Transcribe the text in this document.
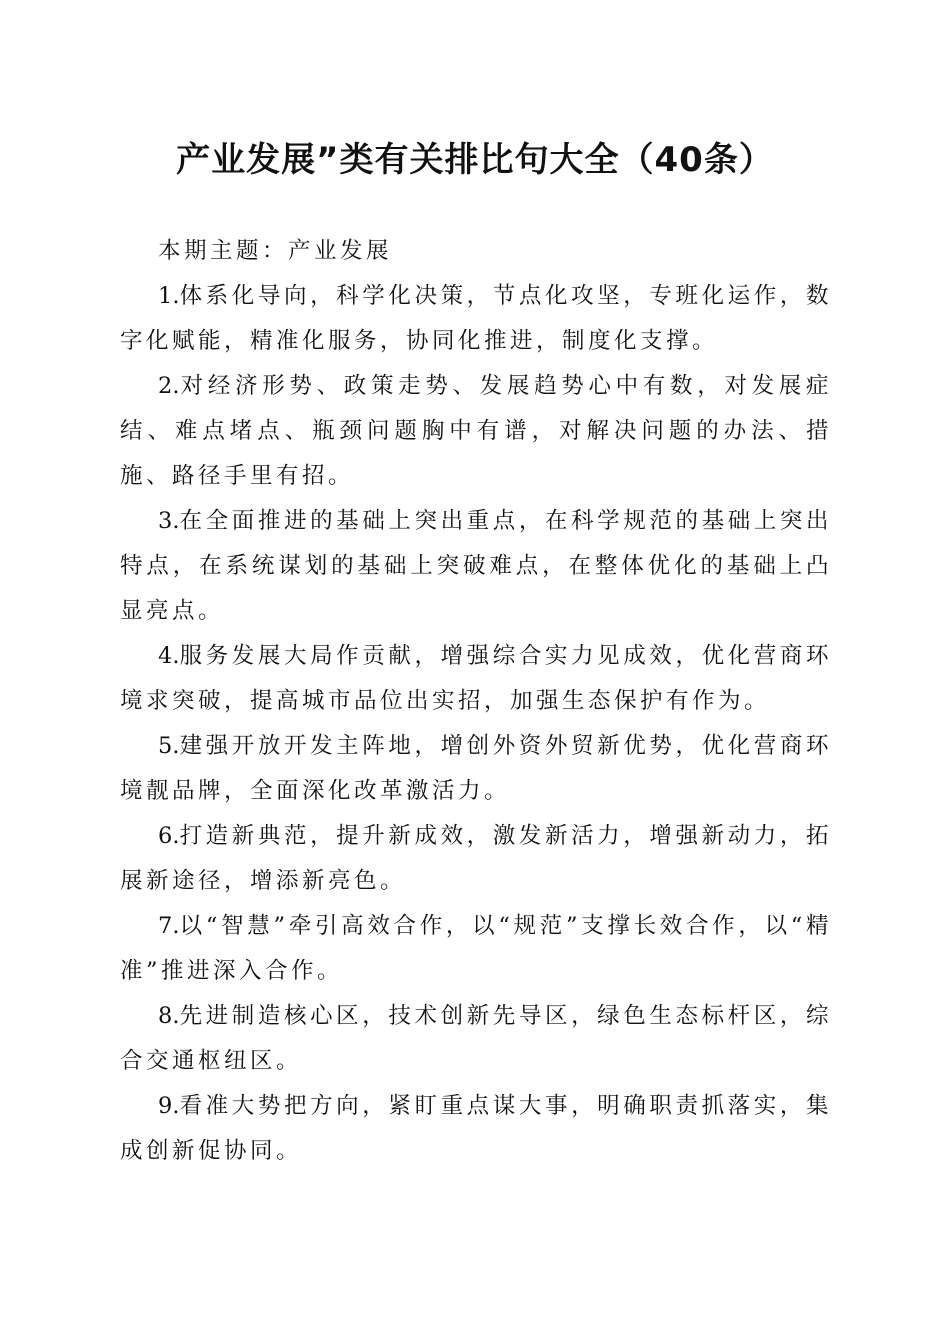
产业发展”类有关排比句大全（40条）

本期主题：产业发展

1.体系化导向，科学化决策，节点化攻坚，专班化运作，数字化赋能，精准化服务，协同化推进，制度化支撑。

2.对经济形势、政策走势、发展趋势心中有数，对发展症结、难点堵点、瓶颈问题胸中有谱，对解决问题的办法、措施、路径手里有招。

3.在全面推进的基础上突出重点，在科学规范的基础上突出特点，在系统谋划的基础上突破难点，在整体优化的基础上凸显亮点。

4.服务发展大局作贡献，增强综合实力见成效，优化营商环境求突破，提高城市品位出实招，加强生态保护有作为。

5.建强开放开发主阵地，增创外资外贸新优势，优化营商环境靓品牌，全面深化改革激活力。

6.打造新典范，提升新成效，激发新活力，增强新动力，拓展新途径，增添新亮色。

7.以“智慧”牵引高效合作，以“规范”支撑长效合作，以“精准”推进深入合作。

8.先进制造核心区，技术创新先导区，绿色生态标杆区，综合交通枢纽区。

9.看准大势把方向，紧盯重点谋大事，明确职责抓落实，集成创新促协同。
